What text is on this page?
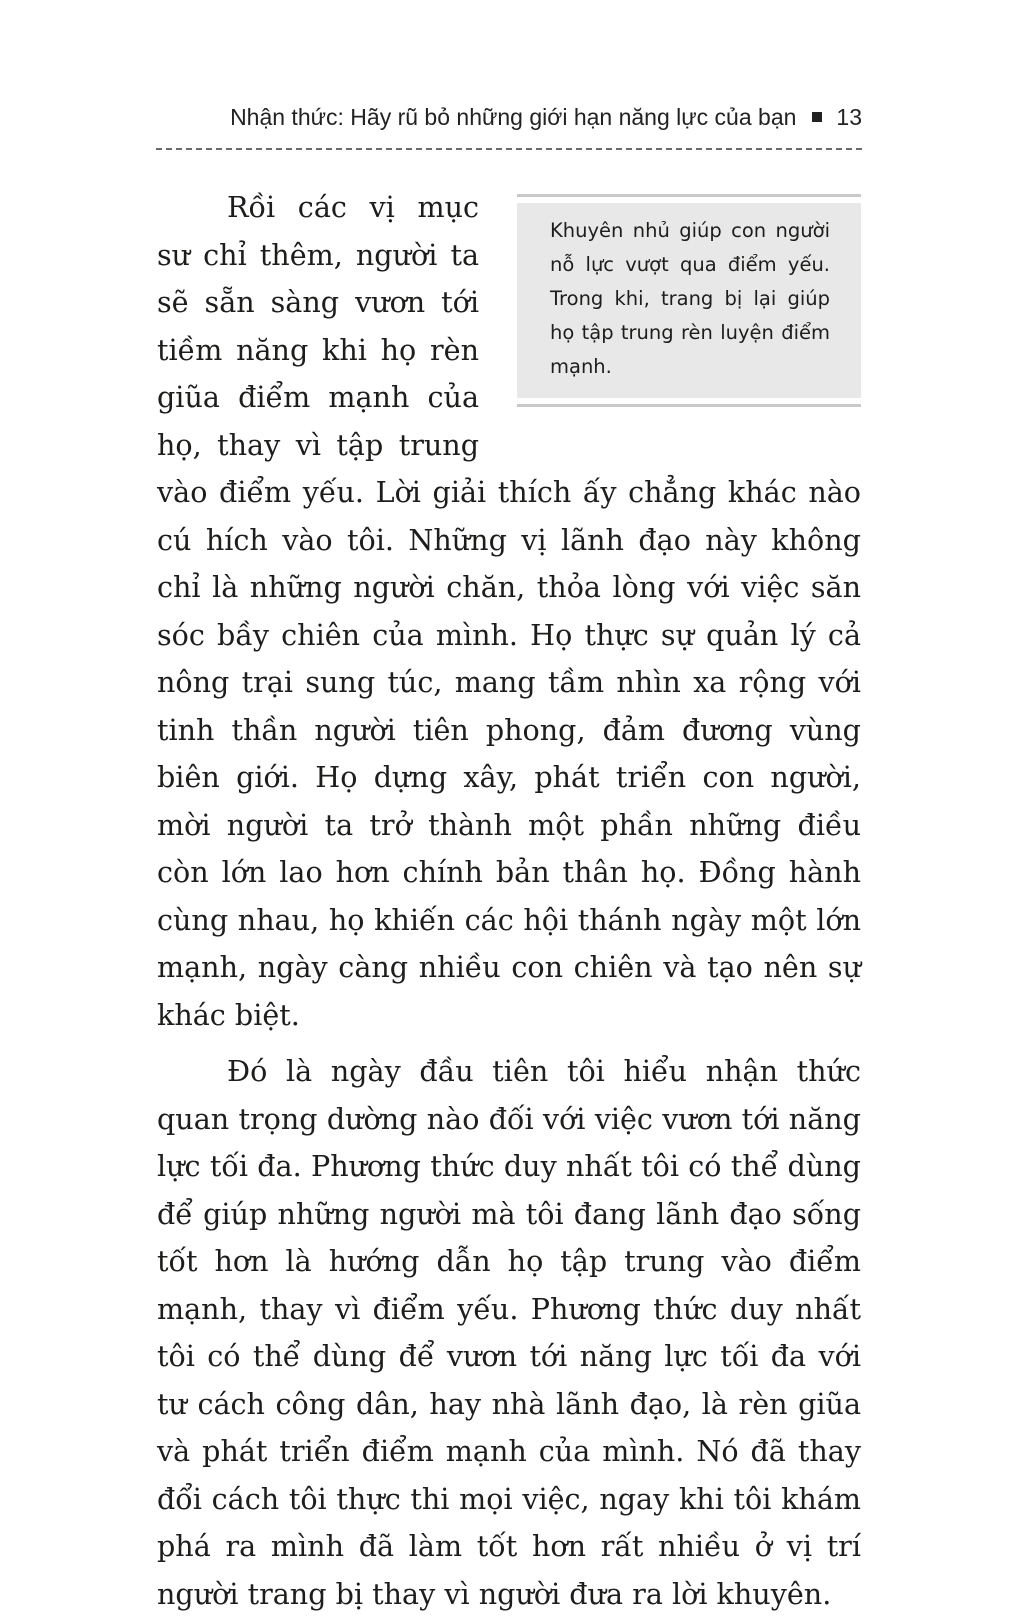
Nhận thức: Hãy rũ bỏ những giới hạn năng lực của bạn 13
Khuyên nhủ giúp con người nỗ lực vượt qua điểm yếu. Trong khi, trang bị lại giúp họ tập trung rèn luyện điểm mạnh.

Rồi các vị mục sư chỉ thêm, người ta sẽ sẵn sàng vươn tới tiềm năng khi họ rèn giũa điểm mạnh của họ, thay vì tập trung vào điểm yếu. Lời giải thích ấy chẳng khác nào cú hích vào tôi. Những vị lãnh đạo này không chỉ là những người chăn, thỏa lòng với việc săn sóc bầy chiên của mình. Họ thực sự quản lý cả nông trại sung túc, mang tầm nhìn xa rộng với tinh thần người tiên phong, đảm đương vùng biên giới. Họ dựng xây, phát triển con người, mời người ta trở thành một phần những điều còn lớn lao hơn chính bản thân họ. Đồng hành cùng nhau, họ khiến các hội thánh ngày một lớn mạnh, ngày càng nhiều con chiên và tạo nên sự khác biệt.

Đó là ngày đầu tiên tôi hiểu nhận thức quan trọng dường nào đối với việc vươn tới năng lực tối đa. Phương thức duy nhất tôi có thể dùng để giúp những người mà tôi đang lãnh đạo sống tốt hơn là hướng dẫn họ tập trung vào điểm mạnh, thay vì điểm yếu. Phương thức duy nhất tôi có thể dùng để vươn tới năng lực tối đa với tư cách công dân, hay nhà lãnh đạo, là rèn giũa và phát triển điểm mạnh của mình. Nó đã thay đổi cách tôi thực thi mọi việc, ngay khi tôi khám phá ra mình đã làm tốt hơn rất nhiều ở vị trí người trang bị thay vì người đưa ra lời khuyên.
